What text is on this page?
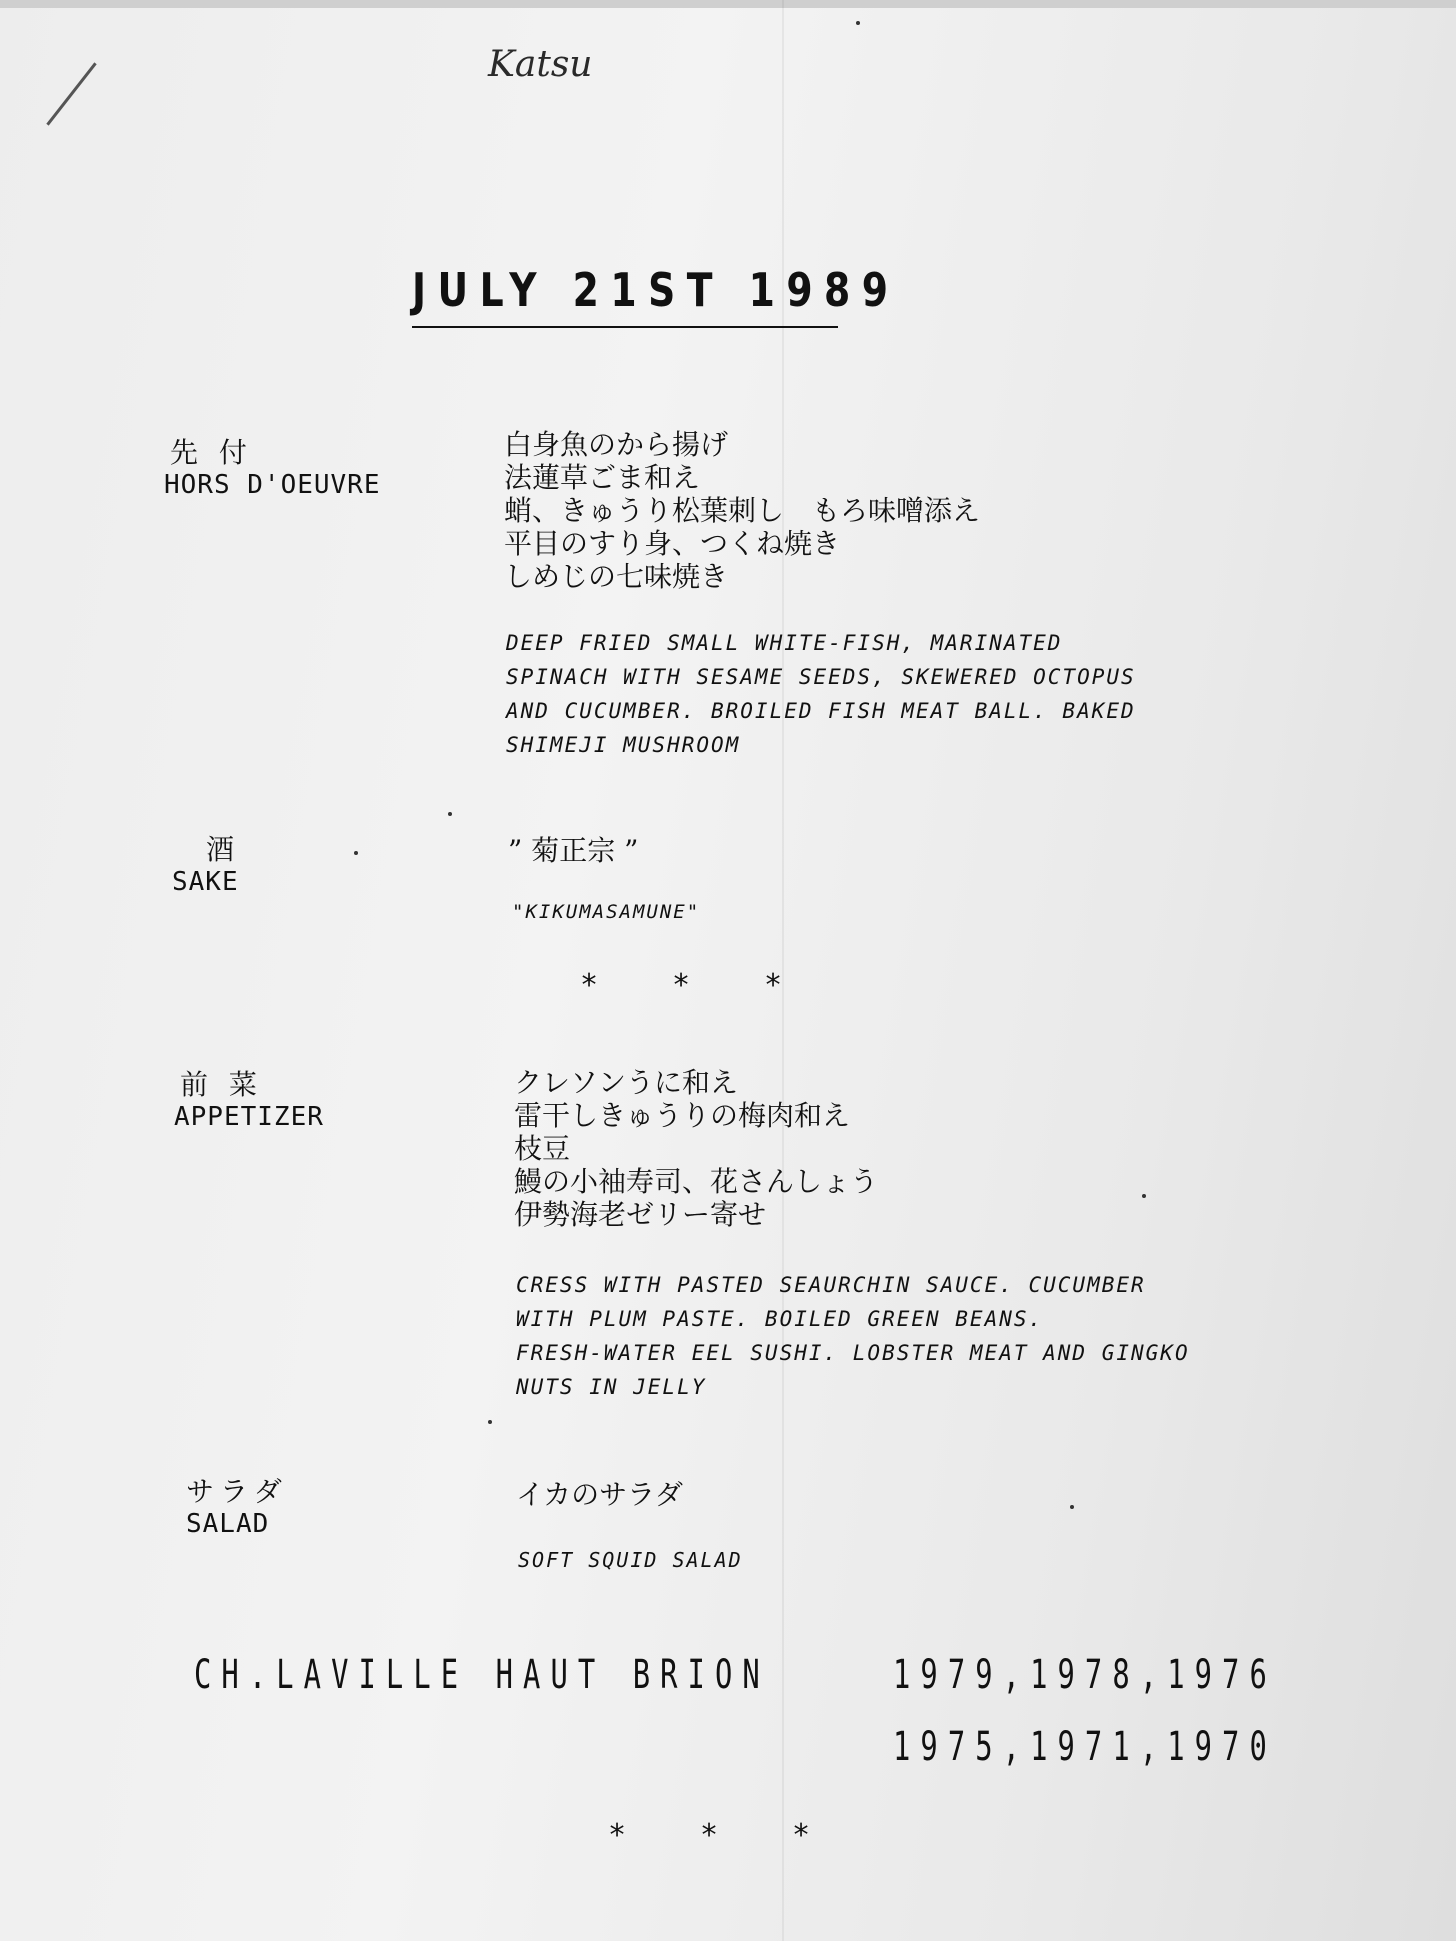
Katsu
JULY 21ST 1989
先 付
HORS D'OEUVRE
白身魚のから揚げ
法蓮草ごま和え
蛸、きゅうり松葉刺し　もろ味噌添え
平目のすり身、つくね焼き
しめじの七味焼き
DEEP FRIED SMALL WHITE-FISH, MARINATED
SPINACH WITH SESAME SEEDS, SKEWERED OCTOPUS
AND CUCUMBER. BROILED FISH MEAT BALL. BAKED
SHIMEJI MUSHROOM
酒
SAKE
” 菊正宗 ”
"KIKUMASAMUNE"
* * *
前 菜
APPETIZER
クレソンうに和え
雷干しきゅうりの梅肉和え
枝豆
鰻の小袖寿司、花さんしょう
伊勢海老ゼリー寄せ
CRESS WITH PASTED SEAURCHIN SAUCE. CUCUMBER
WITH PLUM PASTE. BOILED GREEN BEANS.
FRESH-WATER EEL SUSHI. LOBSTER MEAT AND GINGKO
NUTS IN JELLY
サラダ
SALAD
イカのサラダ
SOFT SQUID SALAD
CH.LAVILLE HAUT BRION	1979,1978,1976
1975,1971,1970
* * *
